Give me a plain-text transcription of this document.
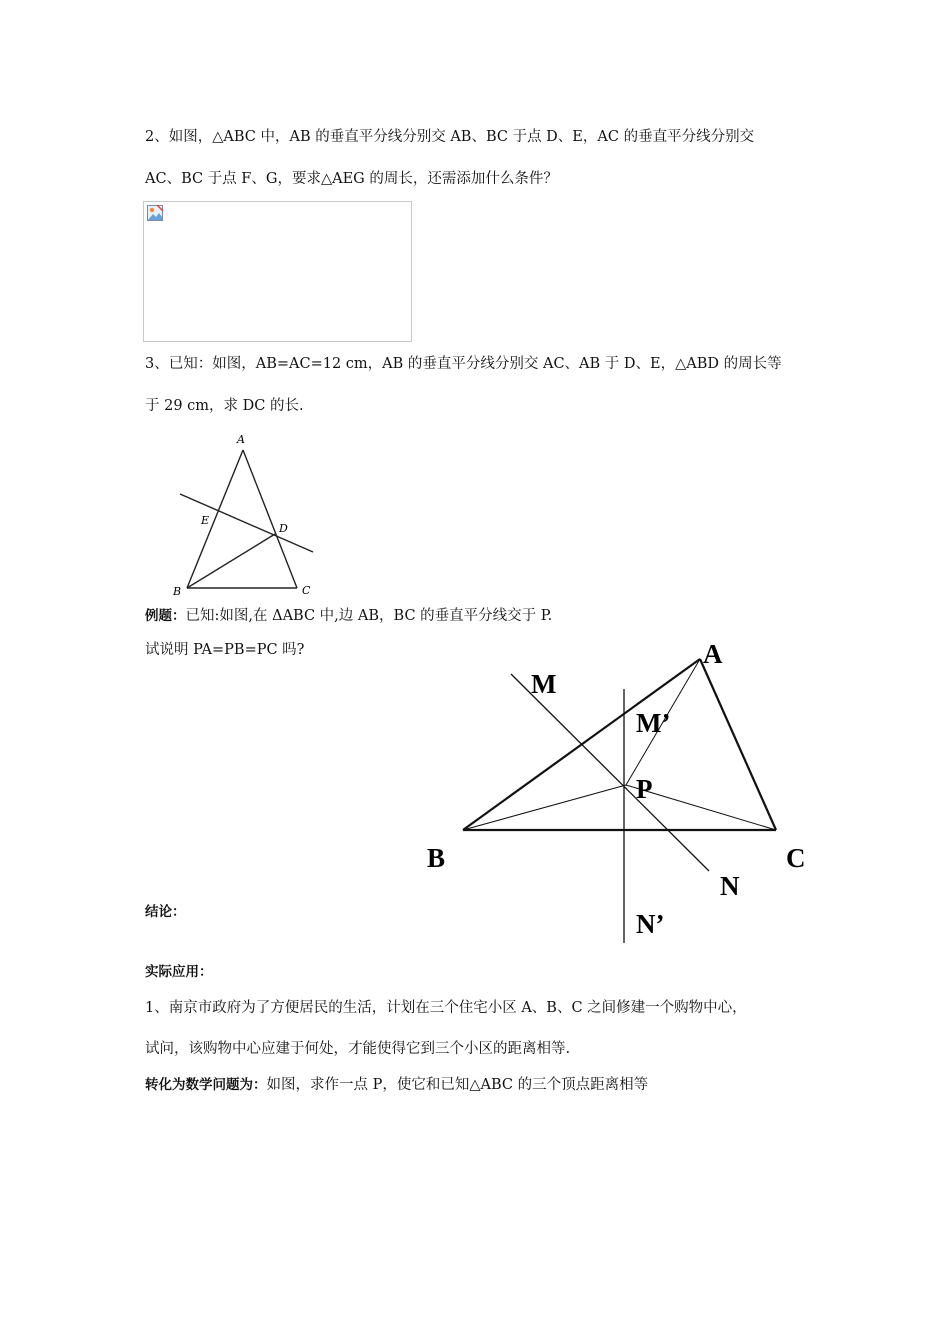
2、如图，△ABC 中，AB 的垂直平分线分别交 AB、BC 于点 D、E，AC 的垂直平分线分别交
AC、BC 于点 F、G，要求△AEG 的周长，还需添加什么条件？
3、已知：如图，AB=AC=12 cm，AB 的垂直平分线分别交 AC、AB 于 D、E，△ABD 的周长等
于 29 cm，求 DC 的长.
A
B	C
D
E
例题：已知:如图,在 ΔABC 中,边 AB，BC 的垂直平分线交于 P.
试说明 PA=PB=PC 吗?	A
B	C
M
M’
P
N
N’
结论：
实际应用：
1、南京市政府为了方便居民的生活，计划在三个住宅小区 A、B、C 之间修建一个购物中心，
试问，该购物中心应建于何处，才能使得它到三个小区的距离相等.
转化为数学问题为：如图，求作一点 P，使它和已知△ABC 的三个顶点距离相等
